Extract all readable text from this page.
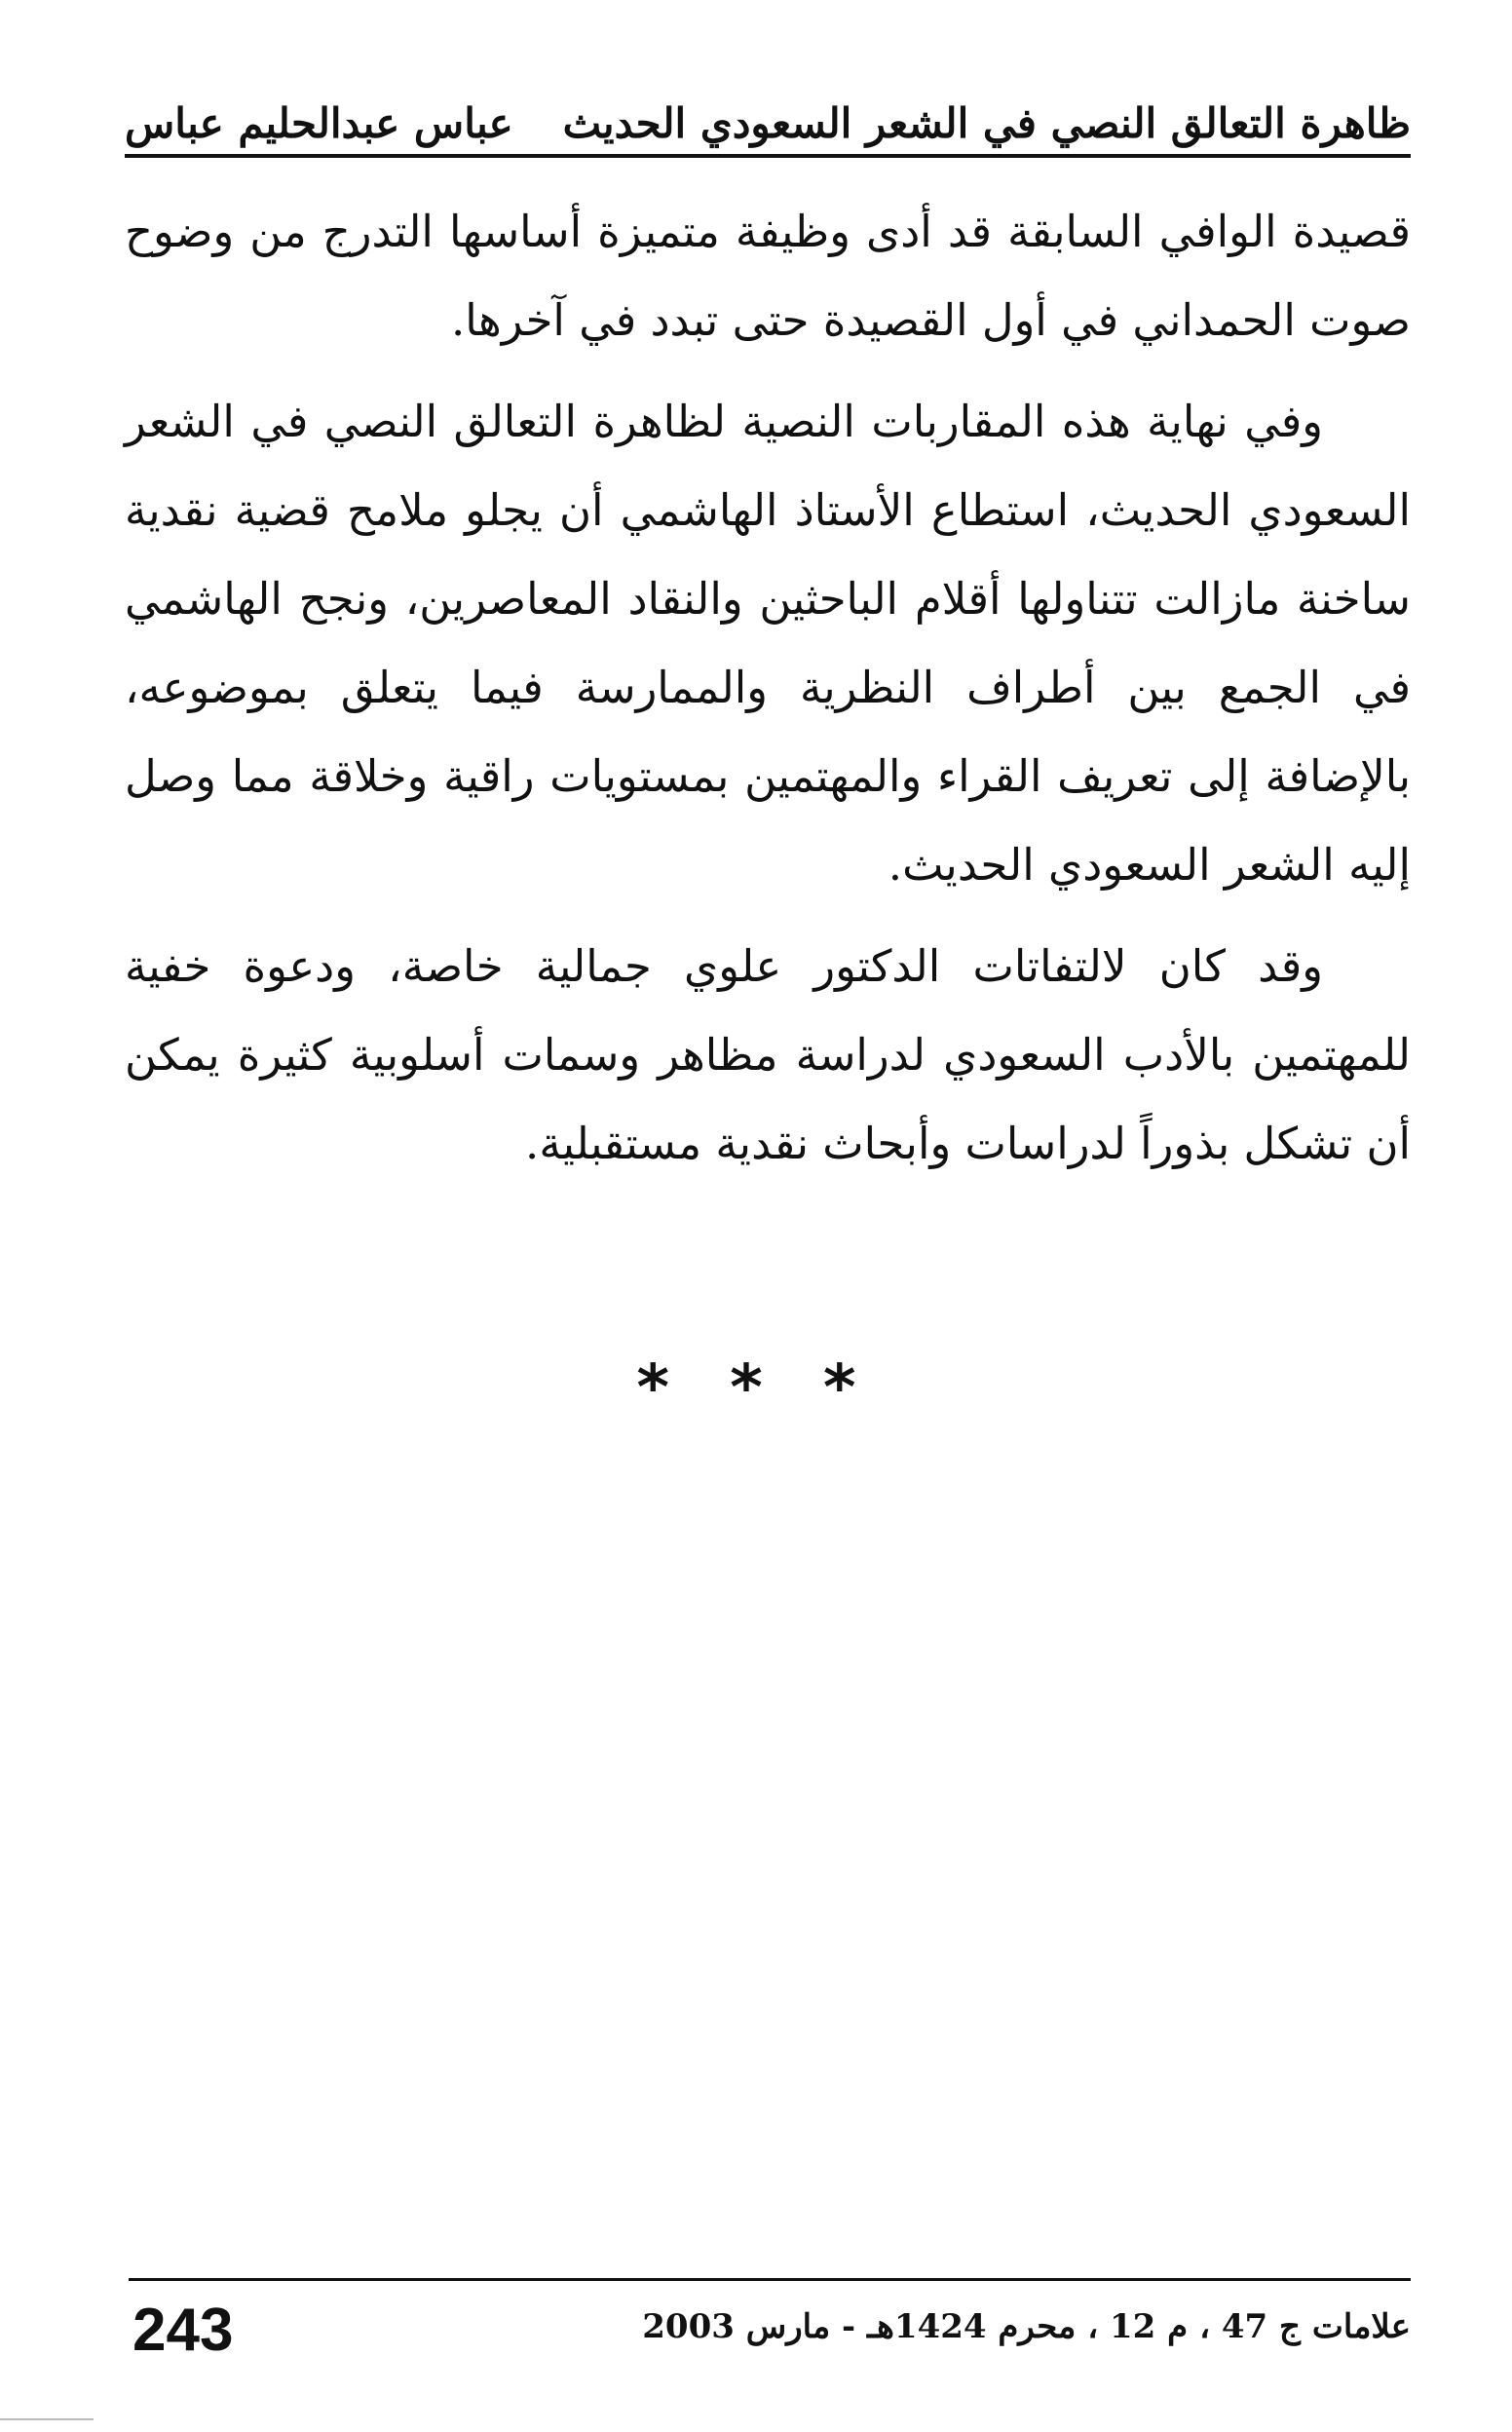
ظاهرة التعالق النصي في الشعر السعودي الحديث
عباس عبدالحليم عباس

قصيدة الوافي السابقة قد أدى وظيفة متميزة أساسها التدرج من وضوح صوت الحمداني في أول القصيدة حتى تبدد في آخرها.

وفي نهاية هذه المقاربات النصية لظاهرة التعالق النصي في الشعر السعودي الحديث، استطاع الأستاذ الهاشمي أن يجلو ملامح قضية نقدية ساخنة مازالت تتناولها أقلام الباحثين والنقاد المعاصرين، ونجح الهاشمي في الجمع بين أطراف النظرية والممارسة فيما يتعلق بموضوعه، بالإضافة إلى تعريف القراء والمهتمين بمستويات راقية وخلاقة مما وصل إليه الشعر السعودي الحديث.

وقد كان لالتفاتات الدكتور علوي جمالية خاصة، ودعوة خفية للمهتمين بالأدب السعودي لدراسة مظاهر وسمات أسلوبية كثيرة يمكن أن تشكل بذوراً لدراسات وأبحاث نقدية مستقبلية.

* * *
243	علامات ج 47 ، م 12 ، محرم 1424هـ - مارس 2003
